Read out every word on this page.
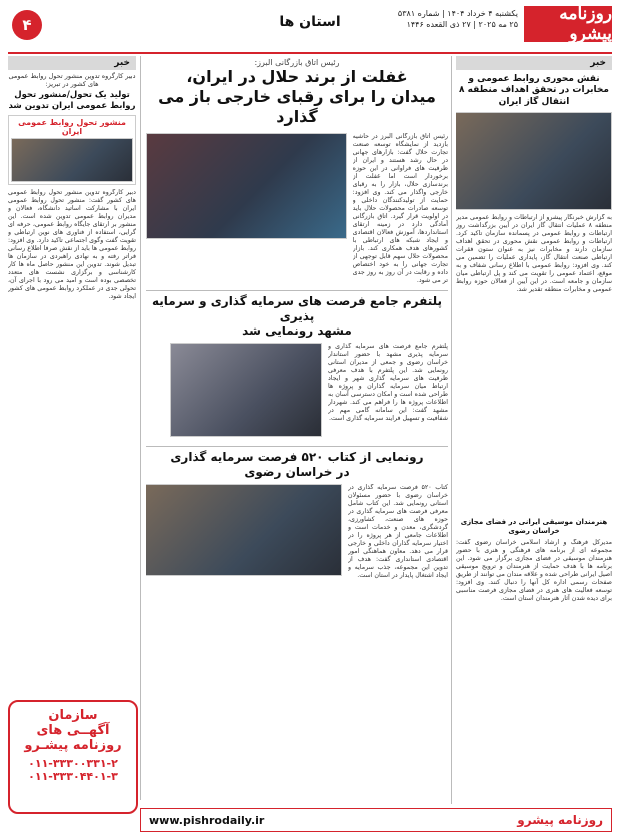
روزنامه پیشرو
یکشنبه ۴ خرداد ۱۴۰۴ | شماره ۵۳۸۱
۲۵ مه ۲۰۲۵ | ۲۷ ذی القعده ۱۴۴۶
استان ها
۴
خبر
نقش محوری روابط عمومی و مخابرات در تحقق اهداف منطقه ۸ انتقال گاز ایران
به گزارش خبرنگار پیشرو از ارتباطات و روابط عمومی مدیر منطقه ۸ عملیات انتقال گاز ایران در آیین بزرگداشت روز ارتباطات و روابط عمومی در پسمانده سازمان تاکید کرد. ارتباطات و روابط عمومی نقش محوری در تحقق اهداف سازمان دارند و مخابرات نیز به عنوان ستون فقرات ارتباطی صنعت انتقال گاز، پایداری عملیات را تضمین می کند. وی افزود: روابط عمومی با اطلاع رسانی شفاف و به موقع، اعتماد عمومی را تقویت می کند و پل ارتباطی میان سازمان و جامعه است. در این آیین از فعالان حوزه روابط عمومی و مخابرات منطقه تقدیر شد.
هنرمندان موسیقی ایرانی در فضای مجازی خراسان رضوی
مدیرکل فرهنگ و ارشاد اسلامی خراسان رضوی گفت: مجموعه ای از برنامه های فرهنگی و هنری با حضور هنرمندان موسیقی در فضای مجازی برگزار می شود. این برنامه ها با هدف حمایت از هنرمندان و ترویج موسیقی اصیل ایرانی طراحی شده و علاقه مندان می توانند از طریق صفحات رسمی اداره کل آنها را دنبال کنند. وی افزود: توسعه فعالیت های هنری در فضای مجازی فرصت مناسبی برای دیده شدن آثار هنرمندان استان است.
رئیس اتاق بازرگانی البرز:
غفلت از برند حلال در ایران،
میدان را برای رقبای خارجی باز می گذارد
رئیس اتاق بازرگانی البرز در حاشیه بازدید از نمایشگاه توسعه صنعت تجارت حلال گفت: بازارهای جهانی در حال رشد هستند و ایران از ظرفیت های فراوانی در این حوزه برخوردار است اما غفلت از برندسازی حلال، بازار را به رقبای خارجی واگذار می کند. وی افزود: حمایت از تولیدکنندگان داخلی و توسعه صادرات محصولات حلال باید در اولویت قرار گیرد. اتاق بازرگانی آمادگی دارد در زمینه ارتقای استانداردها، آموزش فعالان اقتصادی و ایجاد شبکه های ارتباطی با کشورهای هدف همکاری کند. بازار محصولات حلال سهم قابل توجهی از تجارت جهانی را به خود اختصاص داده و رقابت در آن روز به روز جدی تر می شود.
پلتفرم جامع فرصت های سرمایه گذاری و سرمایه پذیری
مشهد رونمایی شد
پلتفرم جامع فرصت های سرمایه گذاری و سرمایه پذیری مشهد با حضور استاندار خراسان رضوی و جمعی از مدیران استانی رونمایی شد. این پلتفرم با هدف معرفی ظرفیت های سرمایه گذاری شهر و ایجاد ارتباط میان سرمایه گذاران و پروژه ها طراحی شده است و امکان دسترسی آسان به اطلاعات پروژه ها را فراهم می کند. شهردار مشهد گفت: این سامانه گامی مهم در شفافیت و تسهیل فرایند سرمایه گذاری است.
رونمایی از کتاب ۵۲۰ فرصت سرمایه گذاری
در خراسان رضوی
کتاب ۵۲۰ فرصت سرمایه گذاری در خراسان رضوی با حضور مسئولان استانی رونمایی شد. این کتاب شامل معرفی فرصت های سرمایه گذاری در حوزه های صنعت، کشاورزی، گردشگری، معدن و خدمات است و اطلاعات جامعی از هر پروژه را در اختیار سرمایه گذاران داخلی و خارجی قرار می دهد. معاون هماهنگی امور اقتصادی استانداری گفت: هدف از تدوین این مجموعه، جذب سرمایه و ایجاد اشتغال پایدار در استان است.
خبر
دبیر کارگروه تدوین منشور تحول روابط عمومی های کشور در تبریز:
تولید یک تحول/منشور تحول روابط عمومی ایران تدوین شد
منشور تحول روابط عمومی ایران
دبیر کارگروه تدوین منشور تحول روابط عمومی های کشور گفت: منشور تحول روابط عمومی ایران با مشارکت اساتید دانشگاه، فعالان و مدیران روابط عمومی تدوین شده است. این منشور بر ارتقای جایگاه روابط عمومی، حرفه ای گرایی، استفاده از فناوری های نوین ارتباطی و تقویت گفت وگوی اجتماعی تاکید دارد. وی افزود: روابط عمومی ها باید از نقش صرفا اطلاع رسانی فراتر رفته و به نهادی راهبردی در سازمان ها تبدیل شوند. تدوین این منشور حاصل ماه ها کار کارشناسی و برگزاری نشست های متعدد تخصصی بوده است و امید می رود با اجرای آن، تحولی جدی در عملکرد روابط عمومی های کشور ایجاد شود.
سازمان
آگهــی های
روزنامه پیشـرو
۰۱۱-۳۳۳۰۰۳۳۱-۲
۰۱۱-۳۳۳۰۴۴۰۱-۳
روزنامه پیشرو
www.pishrodaily.ir
